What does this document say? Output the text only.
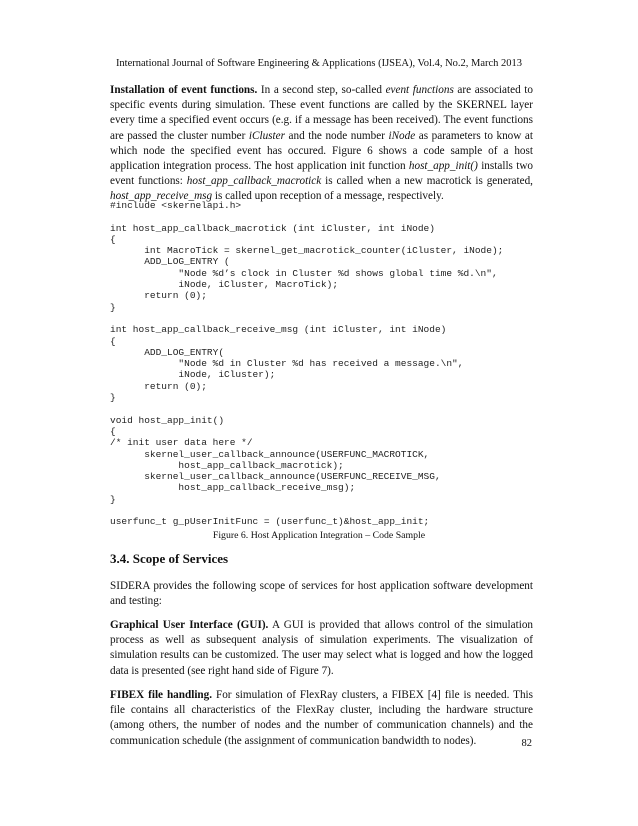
International Journal of Software Engineering & Applications (IJSEA), Vol.4, No.2, March 2013

Installation of event functions. In a second step, so-called event functions are associated to specific events during simulation. These event functions are called by the SKERNEL layer every time a specified event occurs (e.g. if a message has been received). The event functions are passed the cluster number iCluster and the node number iNode as parameters to know at which node the specified event has occured. Figure 6 shows a code sample of a host application integration process. The host application init function host_app_init() installs two event functions: host_app_callback_macrotick is called when a new macrotick is generated, host_app_receive_msg is called upon reception of a message, respectively.

#include <skernelapi.h>

int host_app_callback_macrotick (int iCluster, int iNode)
{
int MacroTick = skernel_get_macrotick_counter(iCluster, iNode);
ADD_LOG_ENTRY (
"Node %d’s clock in Cluster %d shows global time %d.\n",
iNode, iCluster, MacroTick);
return (0);
}

int host_app_callback_receive_msg (int iCluster, int iNode)
{
ADD_LOG_ENTRY(
"Node %d in Cluster %d has received a message.\n",
iNode, iCluster);
return (0);
}

void host_app_init()
{
/* init user data here */
skernel_user_callback_announce(USERFUNC_MACROTICK,
host_app_callback_macrotick);
skernel_user_callback_announce(USERFUNC_RECEIVE_MSG,
host_app_callback_receive_msg);
}

userfunc_t g_pUserInitFunc = (userfunc_t)&host_app_init;
Figure 6. Host Application Integration – Code Sample
3.4. Scope of Services

SIDERA provides the following scope of services for host application software development and testing:

Graphical User Interface (GUI). A GUI is provided that allows control of the simulation process as well as subsequent analysis of simulation experiments. The visualization of simulation results can be customized. The user may select what is logged and how the logged data is presented (see right hand side of Figure 7).

FIBEX file handling. For simulation of FlexRay clusters, a FIBEX [4] file is needed. This file contains all characteristics of the FlexRay cluster, including the hardware structure (among others, the number of nodes and the number of communication channels) and the communication schedule (the assignment of communication bandwidth to nodes).	82
